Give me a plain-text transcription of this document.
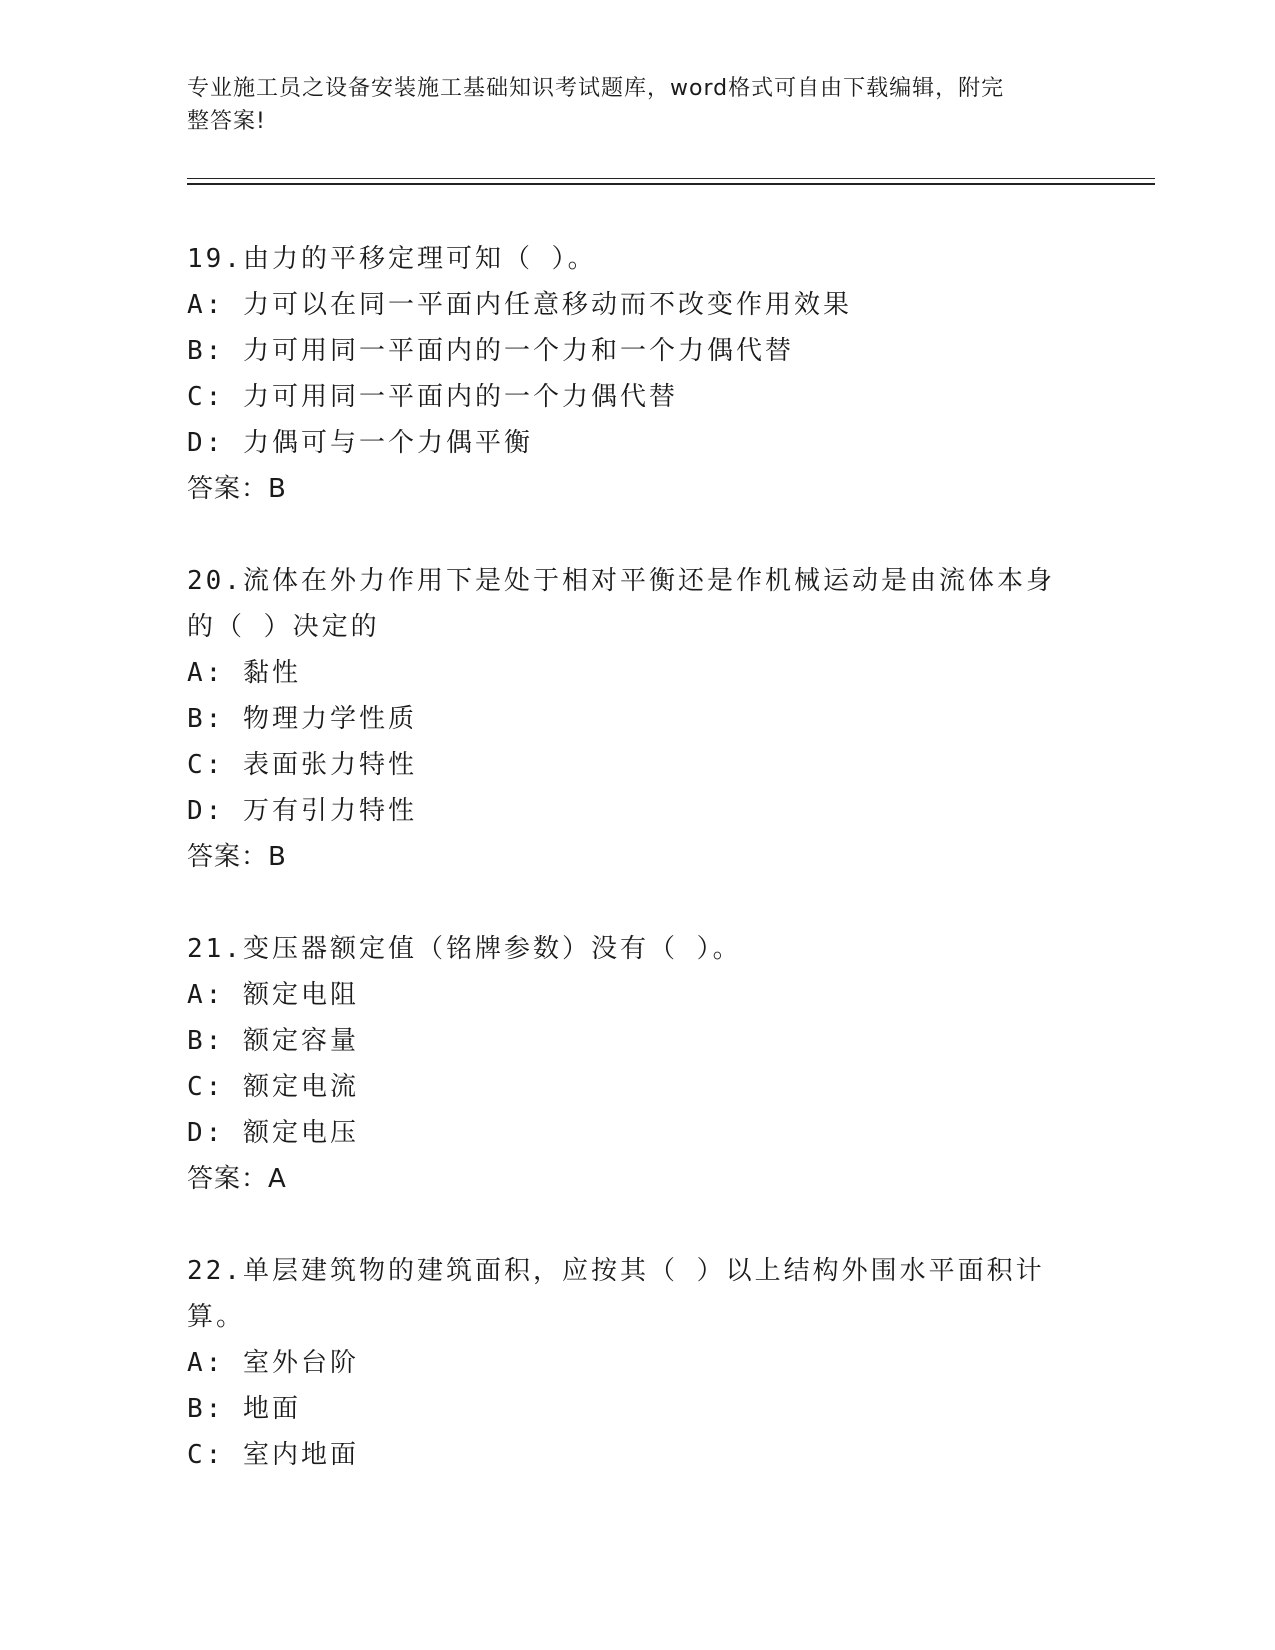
专业施工员之设备安装施工基础知识考试题库，word格式可自由下载编辑，附完
整答案!
19.由力的平移定理可知（ ）。
A: 力可以在同一平面内任意移动而不改变作用效果
B: 力可用同一平面内的一个力和一个力偶代替
C: 力可用同一平面内的一个力偶代替
D: 力偶可与一个力偶平衡
答案：B
20.流体在外力作用下是处于相对平衡还是作机械运动是由流体本身的（ ）决定的
A: 黏性
B: 物理力学性质
C: 表面张力特性
D: 万有引力特性
答案：B
21.变压器额定值（铭牌参数）没有（ ）。
A: 额定电阻
B: 额定容量
C: 额定电流
D: 额定电压
答案：A
22.单层建筑物的建筑面积，应按其（ ）以上结构外围水平面积计算。
A: 室外台阶
B: 地面
C: 室内地面
